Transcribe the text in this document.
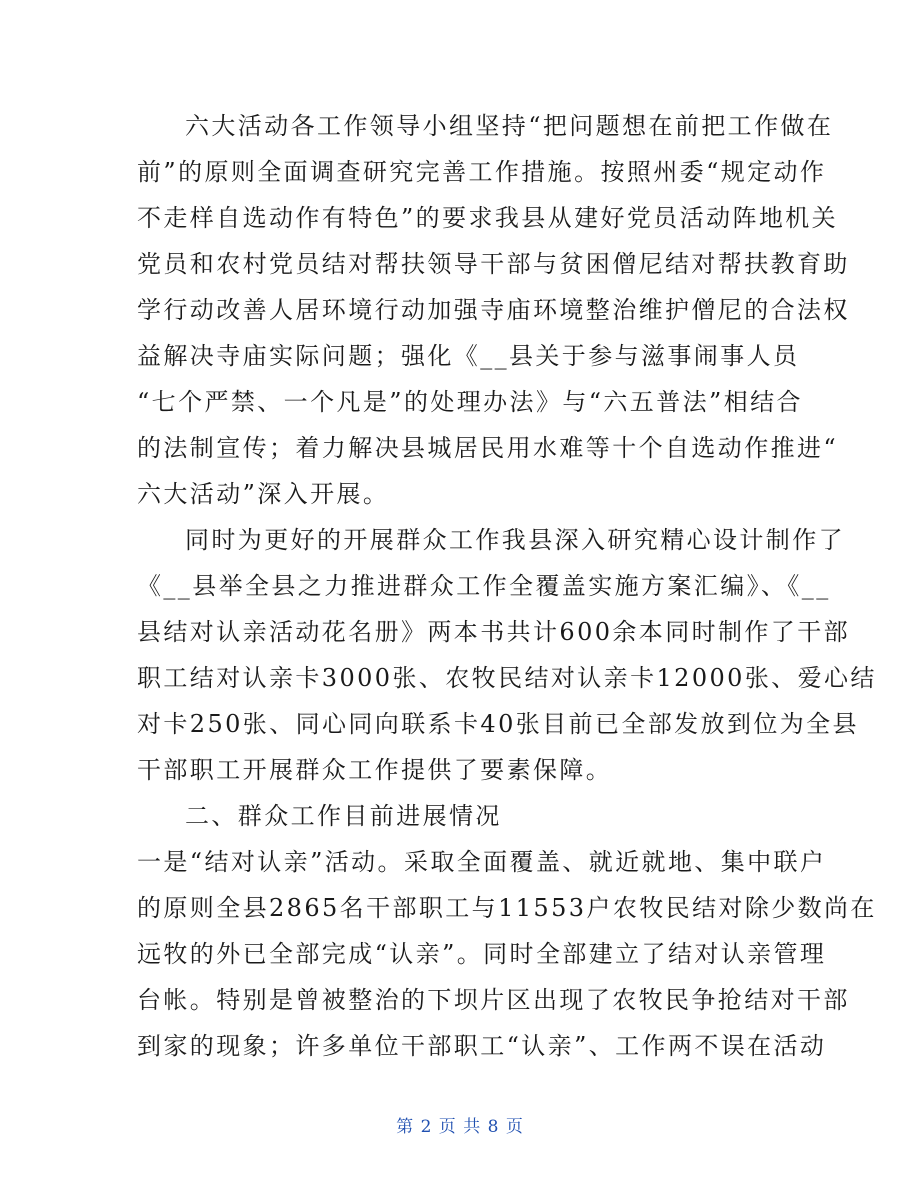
六大活动各工作领导小组坚持“把问题想在前把工作做在
前”的原则全面调查研究完善工作措施。按照州委“规定动作
不走样自选动作有特色”的要求我县从建好党员活动阵地机关
党员和农村党员结对帮扶领导干部与贫困僧尼结对帮扶教育助
学行动改善人居环境行动加强寺庙环境整治维护僧尼的合法权
益解决寺庙实际问题；强化《__县关于参与滋事闹事人员
“七个严禁、一个凡是”的处理办法》与“六五普法”相结合
的法制宣传；着力解决县城居民用水难等十个自选动作推进“
六大活动”深入开展。
同时为更好的开展群众工作我县深入研究精心设计制作了
《__县举全县之力推进群众工作全覆盖实施方案汇编》、《__
县结对认亲活动花名册》两本书共计600余本同时制作了干部
职工结对认亲卡3000张、农牧民结对认亲卡12000张、爱心结
对卡250张、同心同向联系卡40张目前已全部发放到位为全县
干部职工开展群众工作提供了要素保障。
二、群众工作目前进展情况
一是“结对认亲”活动。采取全面覆盖、就近就地、集中联户
的原则全县2865名干部职工与11553户农牧民结对除少数尚在
远牧的外已全部完成“认亲”。同时全部建立了结对认亲管理
台帐。特别是曾被整治的下坝片区出现了农牧民争抢结对干部
到家的现象；许多单位干部职工“认亲”、工作两不误在活动
第 2 页 共 8 页
